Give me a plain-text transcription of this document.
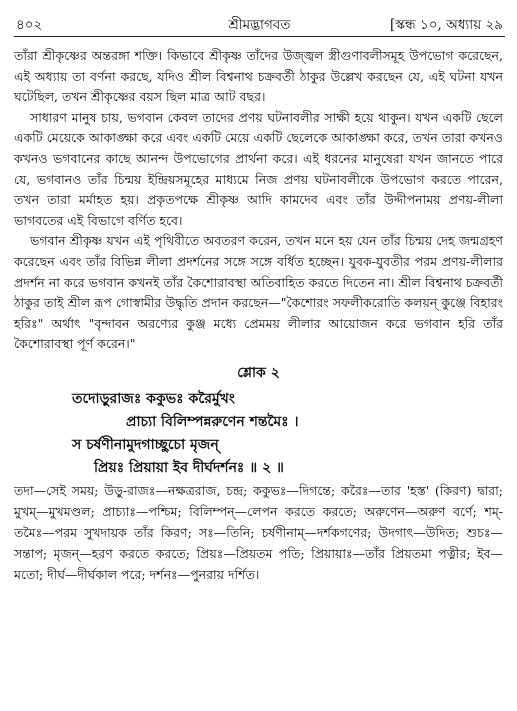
৪০২	শ্রীমদ্ভাগবত	[স্কন্ধ ১০, অধ্যায় ২৯

তাঁরা শ্রীকৃষ্ণের অন্তরঙ্গা শক্তি। কিভাবে শ্রীকৃষ্ণ তাঁদের উজ্জ্বল স্ত্রীগুণাবলীসমূহ উপভোগ করেছেন, এই অধ্যায় তা বর্ণনা করছে, যদিও শ্রীল বিশ্বনাথ চক্রবর্তী ঠাকুর উল্লেখ করছেন যে, এই ঘটনা যখন ঘটেছিল, তখন শ্রীকৃষ্ণের বয়স ছিল মাত্র আট বছর।

সাধারণ মানুষ চায়, ভগবান কেবল তাদের প্রণয় ঘটনাবলীর সাক্ষী হয়ে থাকুন। যখন একটি ছেলে একটি মেয়েকে আকাঙ্ক্ষা করে এবং একটি মেয়ে একটি ছেলেকে আকাঙ্ক্ষা করে, তখন তারা কখনও কখনও ভগবানের কাছে আনন্দ উপভোগের প্রার্থনা করে। এই ধরনের মানুষেরা যখন জানতে পারে যে, ভগবানও তাঁর চিন্ময় ইন্দ্রিয়সমূহের মাধ্যমে নিজ প্রণয় ঘটনাবলীকে উপভোগ করতে পারেন, তখন তারা মর্মাহত হয়। প্রকৃতপক্ষে শ্রীকৃষ্ণ আদি কামদেব এবং তাঁর উদ্দীপনাময় প্রণয়-লীলা ভাগবতের এই বিভাগে বর্ণিত হবে।

ভগবান শ্রীকৃষ্ণ যখন এই পৃথিবীতে অবতরণ করেন, তখন মনে হয় যেন তাঁর চিন্ময় দেহ জন্মগ্রহণ করেছেন এবং তাঁর বিভিন্ন লীলা প্রদর্শনের সঙ্গে সঙ্গে বর্ধিত হচ্ছেন। যুবক-যুবতীর পরম প্রণয়-লীলার প্রদর্শন না করে ভগবান কখনই তাঁর কৈশোরাবস্থা অতিবাহিত করতে দিতেন না। শ্রীল বিশ্বনাথ চক্রবর্তী ঠাকুর তাই শ্রীল রূপ গোস্বামীর উদ্ধৃতি প্রদান করছেন—"কৈশোরং সফলীকরোতি কলয়ন্ কুঞ্জে বিহারং হরিঃ" অর্থাৎ "বৃন্দাবন অরণ্যের কুঞ্জ মধ্যে প্রেমময় লীলার আয়োজন করে ভগবান হরি তাঁর কৈশোরাবস্থা পূর্ণ করেন।"

শ্লোক ২
তদোড়ুরাজঃ ককুভঃ করৈর্মুখং
প্রাচ্যা বিলিম্পন্নরুণেন শন্তমৈঃ ।
স চর্ষণীনামুদগাচ্ছুচো মৃজন্
প্রিয়ঃ প্রিয়ায়া ইব দীর্ঘদর্শনঃ ॥ ২ ॥

তদা—সেই সময়; উড়ু-রাজঃ—নক্ষত্ররাজ, চন্দ্র; ককুভঃ—দিগন্তে; করৈঃ—তার 'হস্ত' (কিরণ) দ্বারা; মুখম্—মুখমণ্ডল; প্রাচ্যাঃ—পশ্চিম; বিলিম্পন্—লেপন করতে করতে; অরুণেন—অরুণ বর্ণে; শম্-তমৈঃ—পরম সুখদায়ক তাঁর কিরণ; সঃ—তিনি; চর্ষণীনাম্—দর্শকগণের; উদগাৎ—উদিত; শুচঃ—সন্তাপ; মৃজন্—হরণ করতে করতে; প্রিয়ঃ—প্রিয়তম পতি; প্রিয়ায়াঃ—তাঁর প্রিয়তমা পত্নীর; ইব—মতো; দীর্ঘ—দীর্ঘকাল পরে; দর্শনঃ—পুনরায় দর্শিত।
